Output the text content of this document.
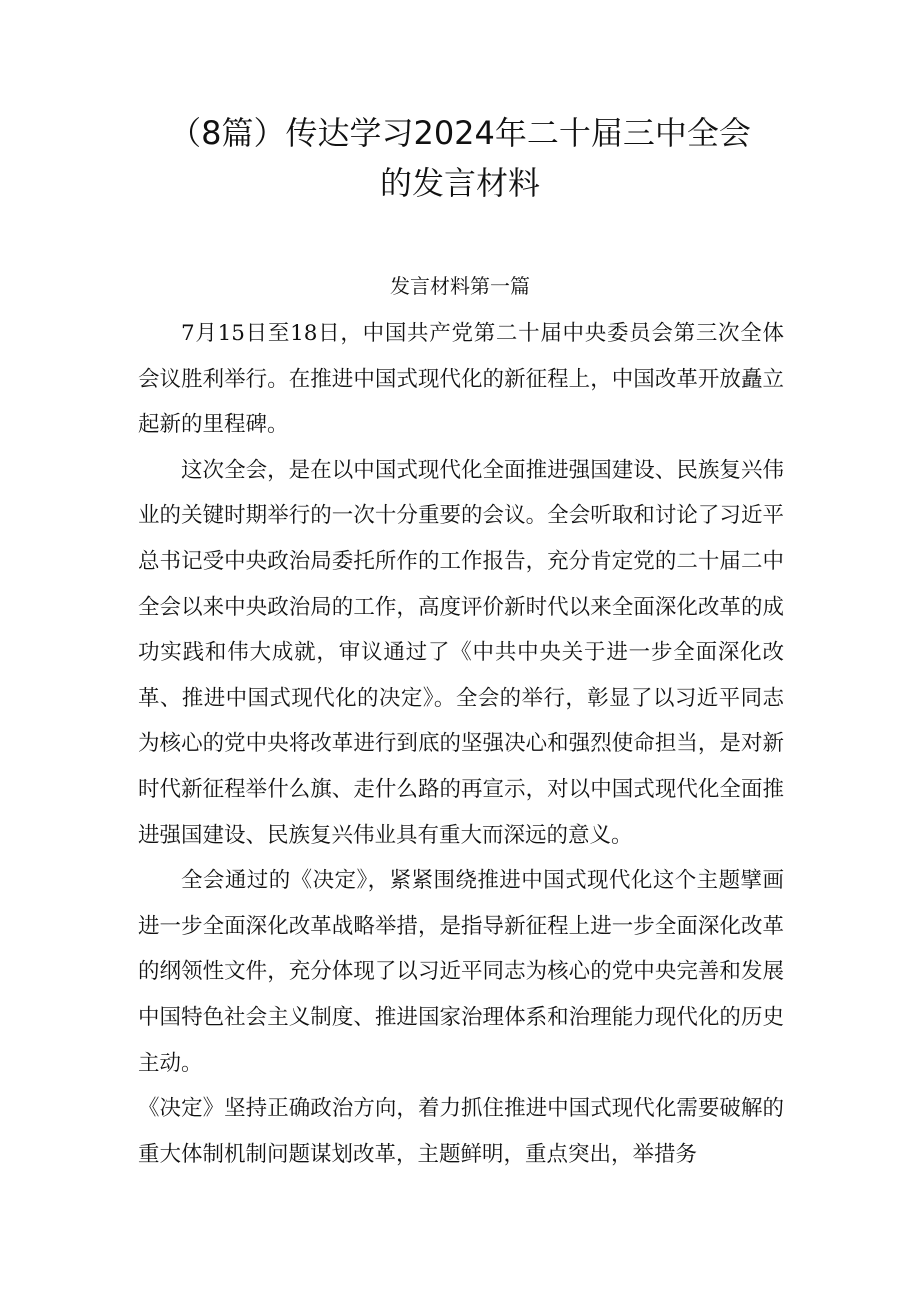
（8篇）传达学习2024年二十届三中全会
的发言材料
发言材料第一篇

7月15日至18日，中国共产党第二十届中央委员会第三次全体会议胜利举行。在推进中国式现代化的新征程上，中国改革开放矗立起新的里程碑。

这次全会，是在以中国式现代化全面推进强国建设、民族复兴伟业的关键时期举行的一次十分重要的会议。全会听取和讨论了习近平总书记受中央政治局委托所作的工作报告，充分肯定党的二十届二中全会以来中央政治局的工作，高度评价新时代以来全面深化改革的成功实践和伟大成就，审议通过了《中共中央关于进一步全面深化改革、推进中国式现代化的决定》。全会的举行，彰显了以习近平同志为核心的党中央将改革进行到底的坚强决心和强烈使命担当，是对新时代新征程举什么旗、走什么路的再宣示，对以中国式现代化全面推进强国建设、民族复兴伟业具有重大而深远的意义。

全会通过的《决定》，紧紧围绕推进中国式现代化这个主题擘画进一步全面深化改革战略举措，是指导新征程上进一步全面深化改革的纲领性文件，充分体现了以习近平同志为核心的党中央完善和发展中国特色社会主义制度、推进国家治理体系和治理能力现代化的历史主动。

《决定》坚持正确政治方向，着力抓住推进中国式现代化需要破解的重大体制机制问题谋划改革，主题鲜明，重点突出，举措务
